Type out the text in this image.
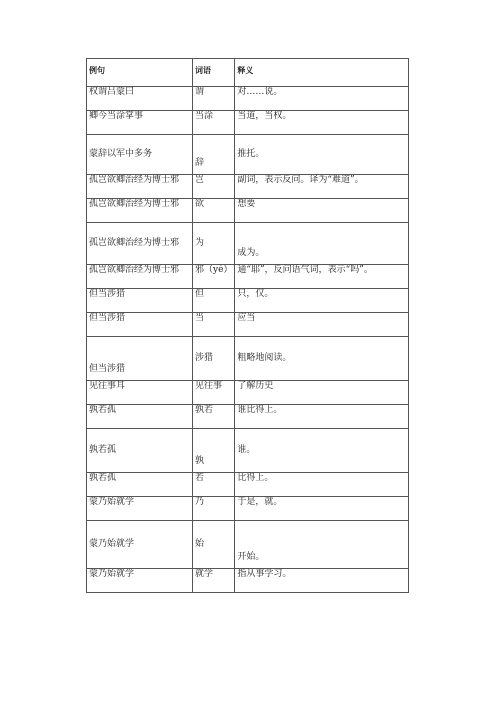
例句	词语	释义
权谓吕蒙曰	谓	对……说。
卿今当涂掌事	当涂	当道，当权。
蒙辞以军中多务	辞	推托。
孤岂欲卿治经为博士邪	岂	副词，表示反问。译为“难道”。
孤岂欲卿治经为博士邪	欲	想要
孤岂欲卿治经为博士邪	为	成为。
孤岂欲卿治经为博士邪	邪（yé）	通“耶”，反问语气词，表示“吗”。
但当涉猎	但	只，仅。
但当涉猎	当	应当
但当涉猎	涉猎	粗略地阅读。
见往事耳	见往事	了解历史
孰若孤	孰若	谁比得上。
孰若孤	孰	谁。
孰若孤	若	比得上。
蒙乃始就学	乃	于是，就。
蒙乃始就学	始	开始。
蒙乃始就学	就学	指从事学习。
